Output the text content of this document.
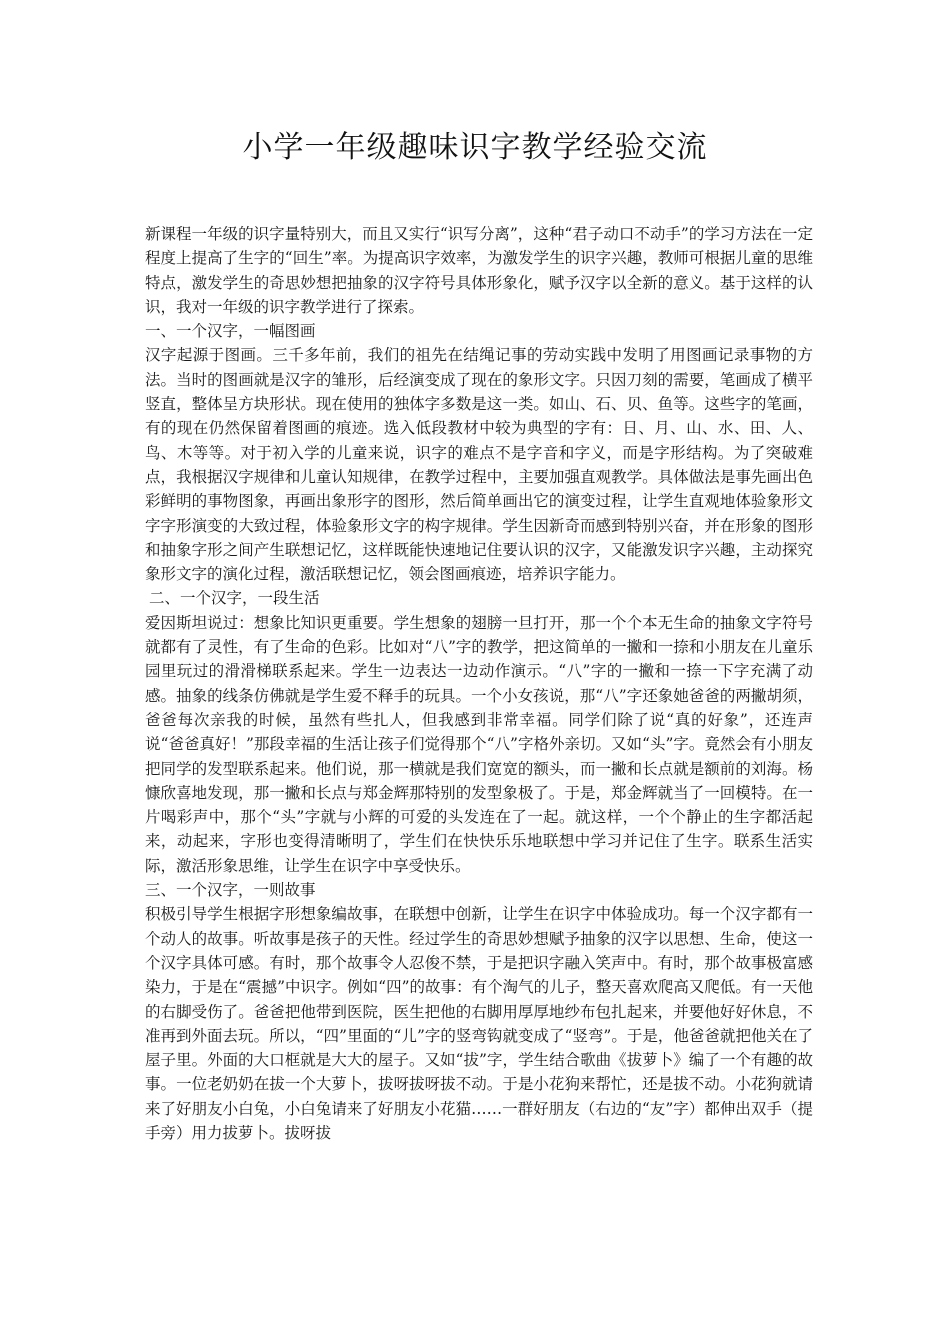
小学一年级趣味识字教学经验交流

新课程一年级的识字量特别大，而且又实行“识写分离”，这种“君子动口不动手”的学习方法在一定程度上提高了生字的“回生”率。为提高识字效率，为激发学生的识字兴趣，教师可根据儿童的思维特点，激发学生的奇思妙想把抽象的汉字符号具体形象化，赋予汉字以全新的意义。基于这样的认识，我对一年级的识字教学进行了探索。

一、一个汉字，一幅图画

汉字起源于图画。三千多年前，我们的祖先在结绳记事的劳动实践中发明了用图画记录事物的方法。当时的图画就是汉字的雏形，后经演变成了现在的象形文字。只因刀刻的需要，笔画成了横平竖直，整体呈方块形状。现在使用的独体字多数是这一类。如山、石、贝、鱼等。这些字的笔画，有的现在仍然保留着图画的痕迹。选入低段教材中较为典型的字有：日、月、山、水、田、人、鸟、木等等。对于初入学的儿童来说，识字的难点不是字音和字义，而是字形结构。为了突破难点，我根据汉字规律和儿童认知规律，在教学过程中，主要加强直观教学。具体做法是事先画出色彩鲜明的事物图象，再画出象形字的图形，然后简单画出它的演变过程，让学生直观地体验象形文字字形演变的大致过程，体验象形文字的构字规律。学生因新奇而感到特别兴奋，并在形象的图形和抽象字形之间产生联想记忆，这样既能快速地记住要认识的汉字，又能激发识字兴趣，主动探究象形文字的演化过程，激活联想记忆，领会图画痕迹，培养识字能力。

二、一个汉字，一段生活

爱因斯坦说过：想象比知识更重要。学生想象的翅膀一旦打开，那一个个本无生命的抽象文字符号就都有了灵性，有了生命的色彩。比如对“八”字的教学，把这简单的一撇和一捺和小朋友在儿童乐园里玩过的滑滑梯联系起来。学生一边表达一边动作演示。“八”字的一撇和一捺一下字充满了动感。抽象的线条仿佛就是学生爱不释手的玩具。一个小女孩说，那“八”字还象她爸爸的两撇胡须，爸爸每次亲我的时候，虽然有些扎人，但我感到非常幸福。同学们除了说“真的好象”，还连声说“爸爸真好！”那段幸福的生活让孩子们觉得那个“八”字格外亲切。又如“头”字。竟然会有小朋友把同学的发型联系起来。他们说，那一横就是我们宽宽的额头，而一撇和长点就是额前的刘海。杨慷欣喜地发现，那一撇和长点与郑金辉那特别的发型象极了。于是，郑金辉就当了一回模特。在一片喝彩声中，那个“头”字就与小辉的可爱的头发连在了一起。就这样，一个个静止的生字都活起来，动起来，字形也变得清晰明了，学生们在快快乐乐地联想中学习并记住了生字。联系生活实际，激活形象思维，让学生在识字中享受快乐。

三、一个汉字，一则故事

积极引导学生根据字形想象编故事，在联想中创新，让学生在识字中体验成功。每一个汉字都有一个动人的故事。听故事是孩子的天性。经过学生的奇思妙想赋予抽象的汉字以思想、生命，使这一个汉字具体可感。有时，那个故事令人忍俊不禁，于是把识字融入笑声中。有时，那个故事极富感染力，于是在“震撼”中识字。例如“四”的故事：有个淘气的儿子，整天喜欢爬高又爬低。有一天他的右脚受伤了。爸爸把他带到医院，医生把他的右脚用厚厚地纱布包扎起来，并要他好好休息，不准再到外面去玩。所以，“四”里面的“儿”字的竖弯钩就变成了“竖弯”。于是，他爸爸就把他关在了屋子里。外面的大口框就是大大的屋子。又如“拔”字，学生结合歌曲《拔萝卜》编了一个有趣的故事。一位老奶奶在拔一个大萝卜，拔呀拔呀拔不动。于是小花狗来帮忙，还是拔不动。小花狗就请来了好朋友小白兔，小白兔请来了好朋友小花猫……一群好朋友（右边的“友”字）都伸出双手（提手旁）用力拔萝卜。拔呀拔
